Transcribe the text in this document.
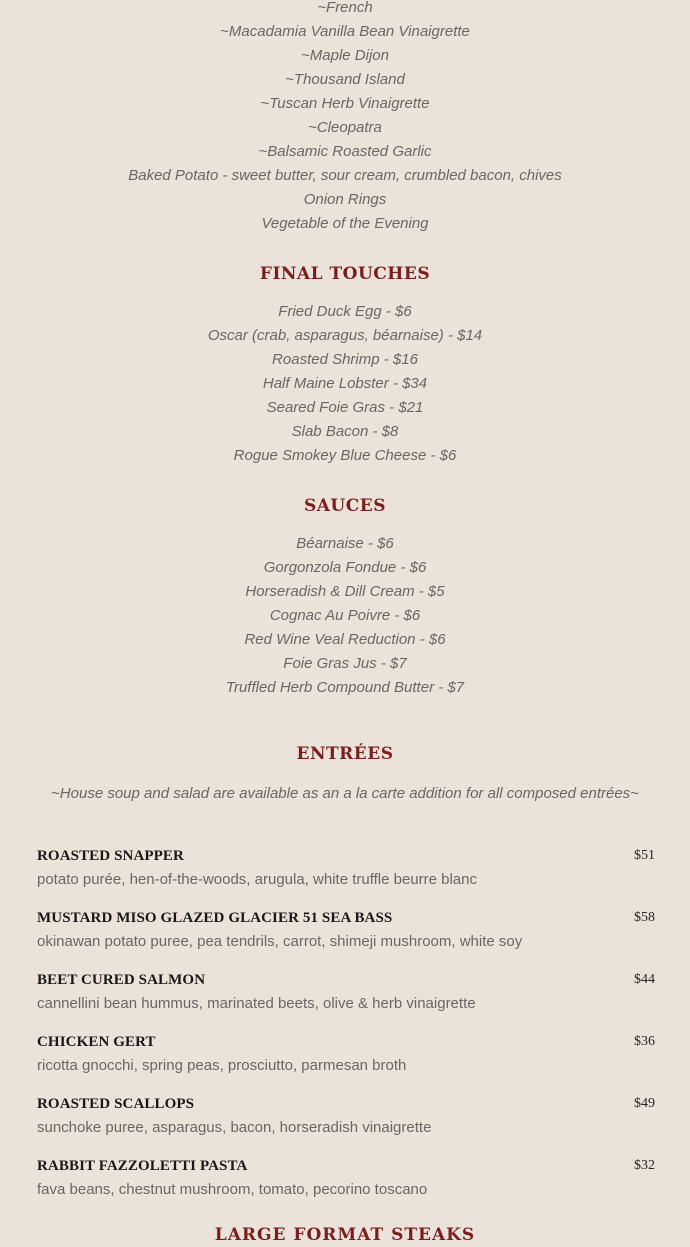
~French
~Macadamia Vanilla Bean Vinaigrette
~Maple Dijon
~Thousand Island
~Tuscan Herb Vinaigrette
~Cleopatra
~Balsamic Roasted Garlic
Baked Potato - sweet butter, sour cream, crumbled bacon, chives
Onion Rings
Vegetable of the Evening
FINAL TOUCHES
Fried Duck Egg - $6
Oscar (crab, asparagus, béarnaise) - $14
Roasted Shrimp - $16
Half Maine Lobster - $34
Seared Foie Gras - $21
Slab Bacon - $8
Rogue Smokey Blue Cheese - $6
SAUCES
Béarnaise - $6
Gorgonzola Fondue - $6
Horseradish & Dill Cream - $5
Cognac Au Poivre - $6
Red Wine Veal Reduction - $6
Foie Gras Jus - $7
Truffled Herb Compound Butter - $7
ENTRÉES

~House soup and salad are available as an a la carte addition for all composed entrées~

ROASTED SNAPPER	$51
potato purée, hen-of-the-woods, arugula, white truffle beurre blanc
MUSTARD MISO GLAZED GLACIER 51 SEA BASS	$58
okinawan potato puree, pea tendrils, carrot, shimeji mushroom, white soy
BEET CURED SALMON	$44
cannellini bean hummus, marinated beets, olive & herb vinaigrette
CHICKEN GERT	$36
ricotta gnocchi, spring peas, prosciutto, parmesan broth
ROASTED SCALLOPS	$49
sunchoke puree, asparagus, bacon, horseradish vinaigrette
RABBIT FAZZOLETTI PASTA	$32
fava beans, chestnut mushroom, tomato, pecorino toscano
LARGE FORMAT STEAKS
